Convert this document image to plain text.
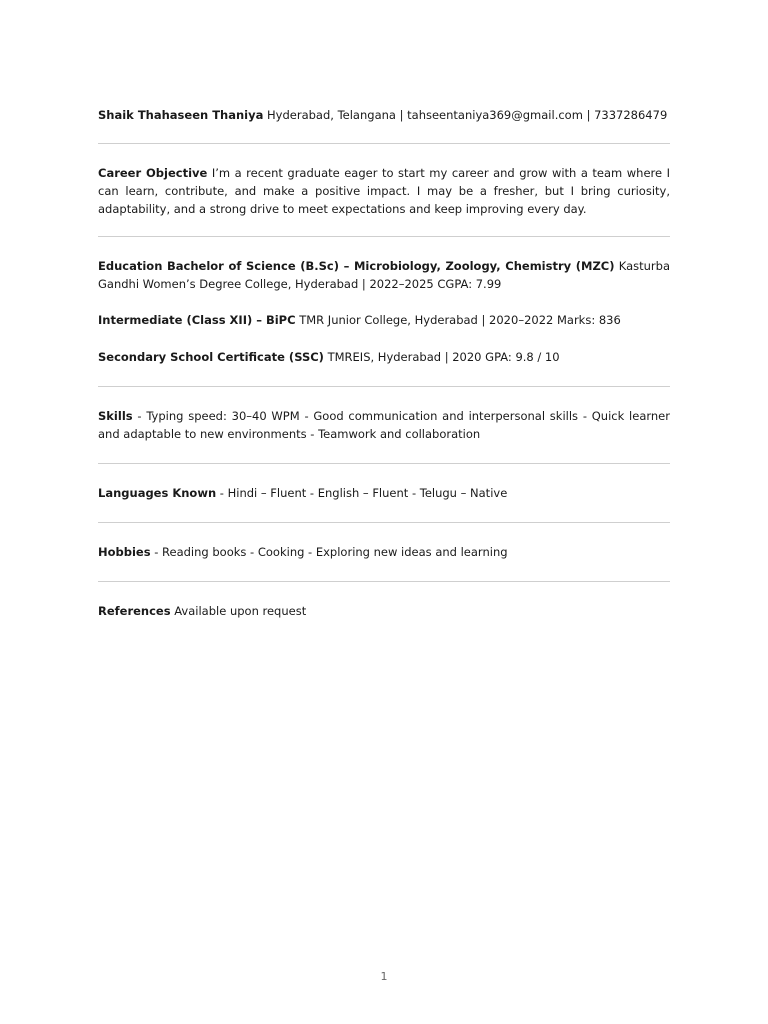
Shaik Thahaseen Thaniya Hyderabad, Telangana | tahseentaniya369@gmail.com | 7337286479

Career Objective I’m a recent graduate eager to start my career and grow with a team where I can learn, contribute, and make a positive impact. I may be a fresher, but I bring curiosity, adaptability, and a strong drive to meet expectations and keep improving every day.

Education Bachelor of Science (B.Sc) – Microbiology, Zoology, Chemistry (MZC) Kasturba Gandhi Women’s Degree College, Hyderabad | 2022–2025 CGPA: 7.99

Intermediate (Class XII) – BiPC TMR Junior College, Hyderabad | 2020–2022 Marks: 836

Secondary School Certificate (SSC) TMREIS, Hyderabad | 2020 GPA: 9.8 / 10

Skills - Typing speed: 30–40 WPM - Good communication and interpersonal skills - Quick learner and adaptable to new environments - Teamwork and collaboration

Languages Known - Hindi – Fluent - English – Fluent - Telugu – Native

Hobbies - Reading books - Cooking - Exploring new ideas and learning

References Available upon request

1
